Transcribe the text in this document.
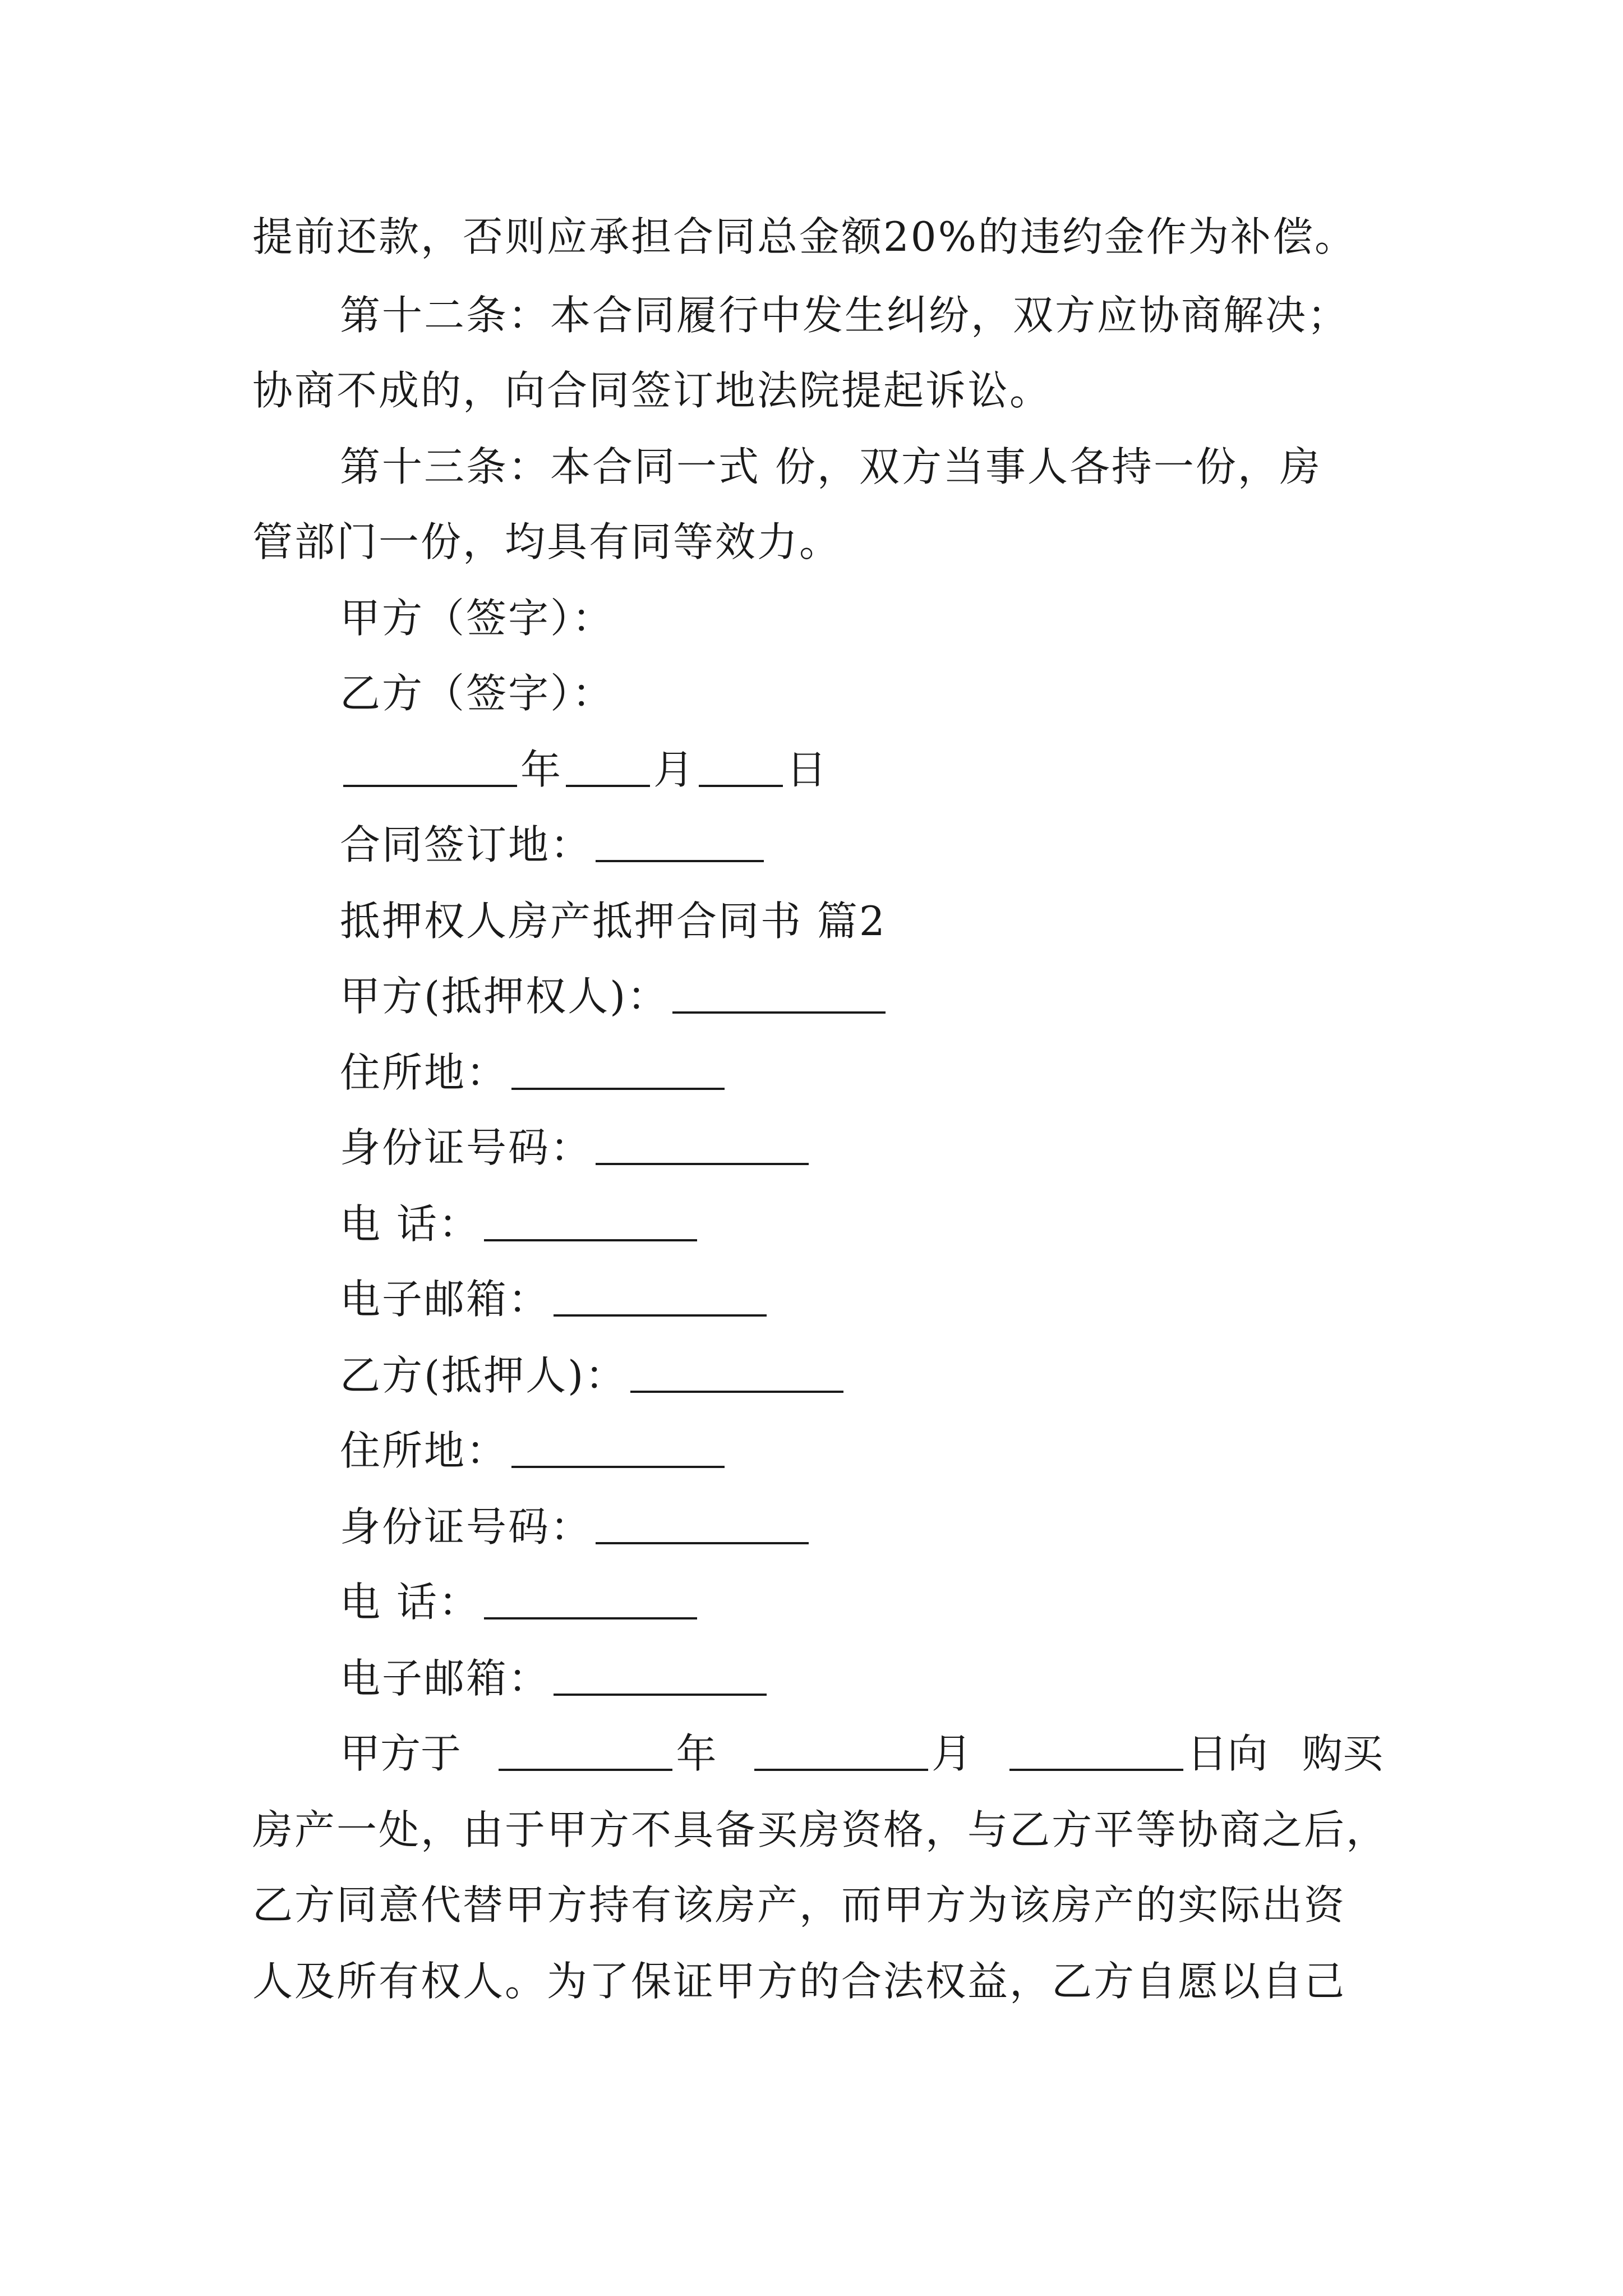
提前还款，否则应承担合同总金额20%的违约金作为补偿。
第十二条：本合同履行中发生纠纷，双方应协商解决；
协商不成的，向合同签订地法院提起诉讼。
第十三条：本合同一式 份，双方当事人各持一份，房
管部门一份，均具有同等效力。
甲方（签字）：
乙方（签字）：
年 月 日
合同签订地：
抵押权人房产抵押合同书 篇2
甲方(抵押权人)：
住所地：
身份证号码：
电 话：
电子邮箱：
乙方(抵押人)：
住所地：
身份证号码：
电 话：
电子邮箱：
甲方于	年	月	日向 购买
房产一处，由于甲方不具备买房资格，与乙方平等协商之后，
乙方同意代替甲方持有该房产，而甲方为该房产的实际出资
人及所有权人。为了保证甲方的合法权益，乙方自愿以自己
